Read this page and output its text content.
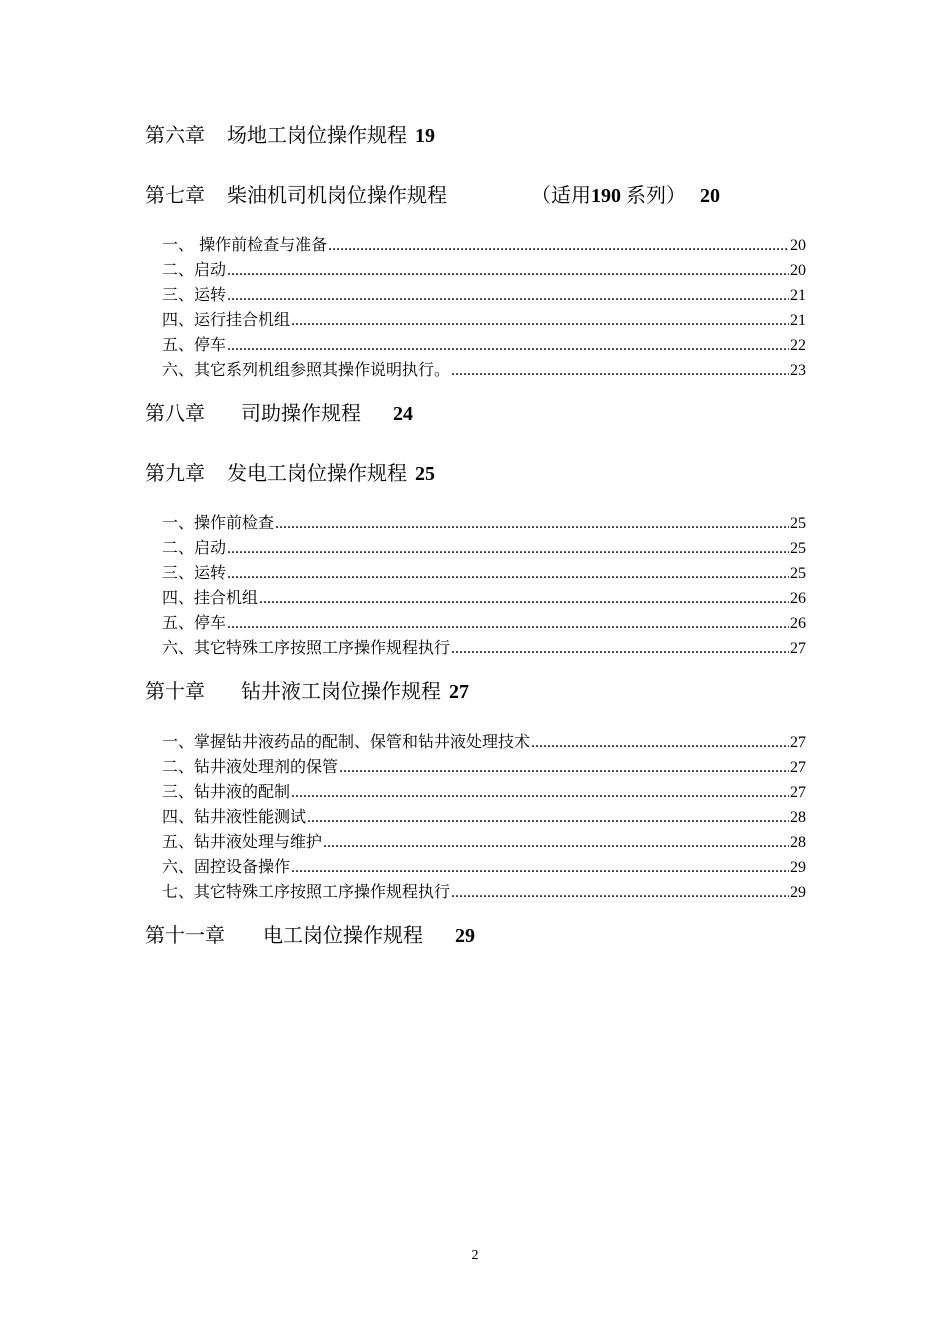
第六章 场地工岗位操作规程 19
第七章 柴油机司机岗位操作规程	（适用190 系列） 20
一、 操作前检查与准备 .....	20
二、启动 .....	20
三、运转 .....	21
四、运行挂合机组 .....	21
五、停车 .....	22
六、其它系列机组参照其操作说明执行。 .....	23
第八章 司助操作规程 24
第九章 发电工岗位操作规程 25
一、操作前检查 .....	25
二、启动 .....	25
三、运转 .....	25
四、挂合机组 .....	26
五、停车 .....	26
六、其它特殊工序按照工序操作规程执行 .....	27
第十章 钻井液工岗位操作规程 27
一、掌握钻井液药品的配制、保管和钻井液处理技术 .....	27
二、钻井液处理剂的保管 .....	27
三、钻井液的配制 .....	27
四、钻井液性能测试 .....	28
五、钻井液处理与维护 .....	28
六、固控设备操作 .....	29
七、其它特殊工序按照工序操作规程执行 .....	29
第十一章 电工岗位操作规程 29
2
